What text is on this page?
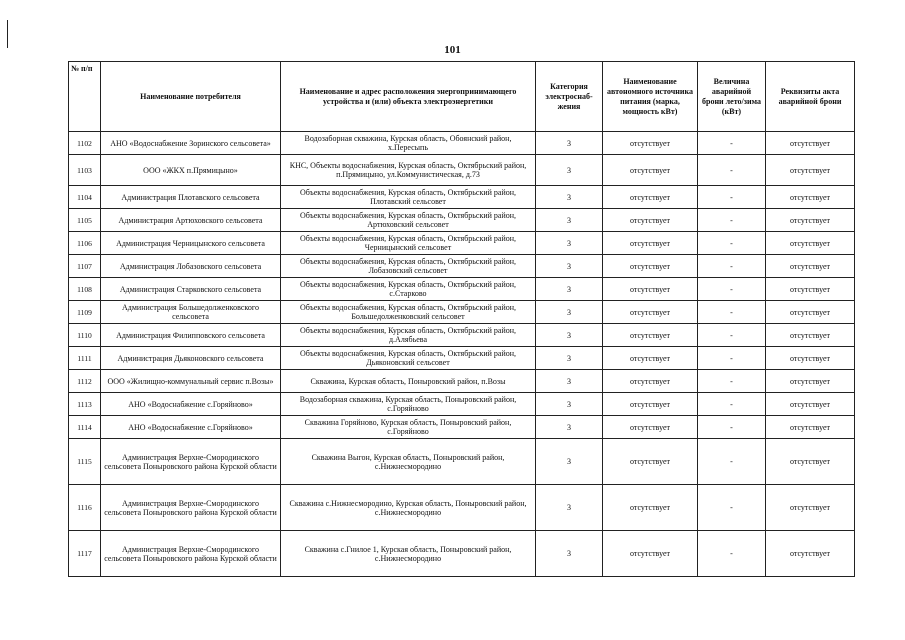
101
№ п/п	Наименование потребителя	Наименование и адрес расположения энергопринимающего устройства и (или) объекта электроэнергетики	Категория электроснаб-жения	Наименование автономного источника питания (марка, мощность кВт)	Величина аварийной брони лето/зима (кВт)	Реквизиты акта аварийной брони
1102	АНО «Водоснабжение Зоринского сельсовета»	Водозаборная скважина, Курская область, Обоянский район, х.Пересыпь	3	отсутствует	-	отсутствует
1103	ООО «ЖКХ п.Прямицыно»	КНС, Объекты водоснабжения, Курская область, Октябрьский район, п.Прямицыно, ул.Коммунистическая, д.73	3	отсутствует	-	отсутствует
1104	Администрация Плотавского сельсовета	Объекты водоснабжения, Курская область, Октябрьский район, Плотавский сельсовет	3	отсутствует	-	отсутствует
1105	Администрация Артюховского сельсовета	Объекты водоснабжения, Курская область, Октябрьский район, Артюховский сельсовет	3	отсутствует	-	отсутствует
1106	Администрация Черницынского сельсовета	Объекты водоснабжения, Курская область, Октябрьский район, Черницынский сельсовет	3	отсутствует	-	отсутствует
1107	Администрация Лобазовского сельсовета	Объекты водоснабжения, Курская область, Октябрьский район, Лобазовский сельсовет	3	отсутствует	-	отсутствует
1108	Администрация Старковского сельсовета	Объекты водоснабжения, Курская область, Октябрьский район, с.Старково	3	отсутствует	-	отсутствует
1109	Администрация Большедолженковского сельсовета	Объекты водоснабжения, Курская область, Октябрьский район, Большедолженковский сельсовет	3	отсутствует	-	отсутствует
1110	Администрация Филипповского сельсовета	Объекты водоснабжения, Курская область, Октябрьский район, д.Алябьева	3	отсутствует	-	отсутствует
1111	Администрация Дьяконовского сельсовета	Объекты водоснабжения, Курская область, Октябрьский район, Дьяконовский сельсовет	3	отсутствует	-	отсутствует
1112	ООО «Жилищно-коммунальный сервис п.Возы»	Скважина, Курская область, Поныровский район, п.Возы	3	отсутствует	-	отсутствует
1113	АНО «Водоснабжение с.Горяйново»	Водозаборная скважина, Курская область, Поныровский район, с.Горяйново	3	отсутствует	-	отсутствует
1114	АНО «Водоснабжение с.Горяйново»	Скважина Горяйново, Курская область, Поныровский район, с.Горяйново	3	отсутствует	-	отсутствует
1115	Администрация Верхне-Смородинского сельсовета Поныровского района Курской области	Скважина Выгон, Курская область, Поныровский район, с.Нижнесмородино	3	отсутствует	-	отсутствует
1116	Администрация Верхне-Смородинского сельсовета Поныровского района Курской области	Скважина с.Нижнесмородино, Курская область, Поныровский район, с.Нижнесмородино	3	отсутствует	-	отсутствует
1117	Администрация Верхне-Смородинского сельсовета Поныровского района Курской области	Скважина с.Гнилое 1, Курская область, Поныровский район, с.Нижнесмородино	3	отсутствует	-	отсутствует
